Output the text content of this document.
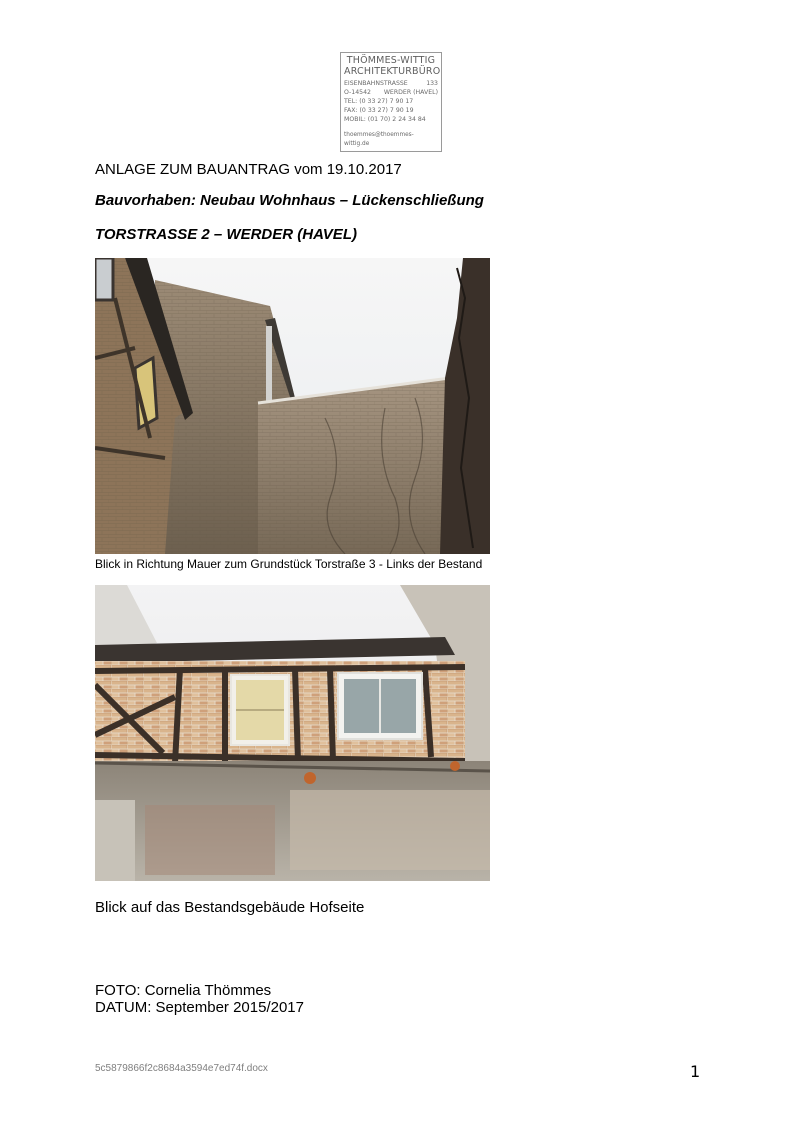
THÖMMES-WITTIG
ARCHITEKTURBÜRO
EISENBAHNSTRASSE	133
O-14542 WERDER (HAVEL)
TEL: (0 33 27) 7 90 17
FAX: (0 33 27) 7 90 19
MOBIL: (01 70) 2 24 34 84
thoemmes@thoemmes-wittig.de
ANLAGE ZUM BAUANTRAG vom 19.10.2017
Bauvorhaben: Neubau Wohnhaus – Lückenschließung
TORSTRASSE 2 – WERDER (HAVEL)
Blick in Richtung Mauer zum Grundstück Torstraße 3 - Links der Bestand
Blick auf das Bestandsgebäude Hofseite
FOTO: Cornelia Thömmes
DATUM: September 2015/2017
5c5879866f2c8684a3594e7ed74f.docx	1
